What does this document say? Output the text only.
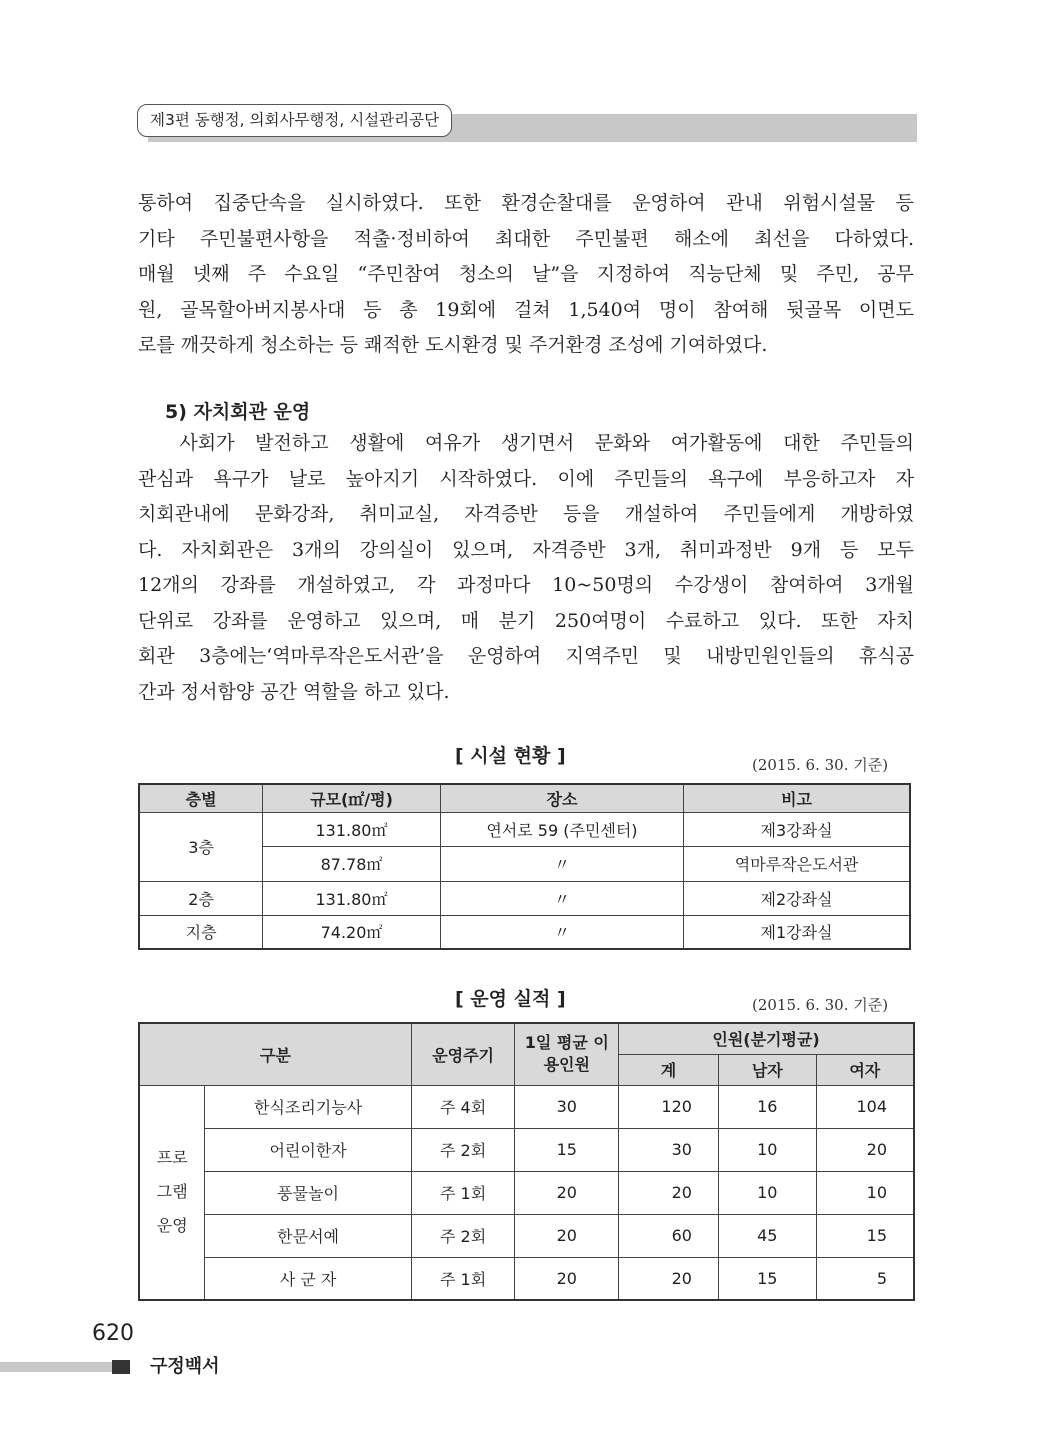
제3편 동행정, 의회사무행정, 시설관리공단
통하여 집중단속을 실시하였다. 또한 환경순찰대를 운영하여 관내 위험시설물 등
기타 주민불편사항을 적출·정비하여 최대한 주민불편 해소에 최선을 다하였다.
매월 넷째 주 수요일 “주민참여 청소의 날”을 지정하여 직능단체 및 주민, 공무
원, 골목할아버지봉사대 등 총 19회에 걸쳐 1,540여 명이 참여해 뒷골목 이면도
로를 깨끗하게 청소하는 등 쾌적한 도시환경 및 주거환경 조성에 기여하였다.
5) 자치회관 운영
사회가 발전하고 생활에 여유가 생기면서 문화와 여가활동에 대한 주민들의
관심과 욕구가 날로 높아지기 시작하였다. 이에 주민들의 욕구에 부응하고자 자
치회관내에 문화강좌, 취미교실, 자격증반 등을 개설하여 주민들에게 개방하였
다. 자치회관은 3개의 강의실이 있으며, 자격증반 3개, 취미과정반 9개 등 모두
12개의 강좌를 개설하였고, 각 과정마다 10~50명의 수강생이 참여하여 3개월
단위로 강좌를 운영하고 있으며, 매 분기 250여명이 수료하고 있다. 또한 자치
회관 3층에는‘역마루작은도서관’을 운영하여 지역주민 및 내방민원인들의 휴식공
간과 정서함양 공간 역할을 하고 있다.
[ 시설 현황 ]	(2015. 6. 30. 기준)
층별	규모(㎡/평)	장소	비고
3층	131.80㎡	연서로 59 (주민센터)	제3강좌실
	87.78㎡	〃	역마루작은도서관
2층	131.80㎡	〃	제2강좌실
지층	74.20㎡	〃	제1강좌실
[ 운영 실적 ]	(2015. 6. 30. 기준)
구분		운영주기	1일 평균 이용인원	인원(분기평균)		
				계	남자	여자
프로 그램 운영	한식조리기능사	주 4회	30	120	16	104
	어린이한자	주 2회	15	30	10	20
	풍물놀이	주 1회	20	20	10	10
	한문서예	주 2회	20	60	45	15
	사 군 자	주 1회	20	20	15	5
620
구정백서
